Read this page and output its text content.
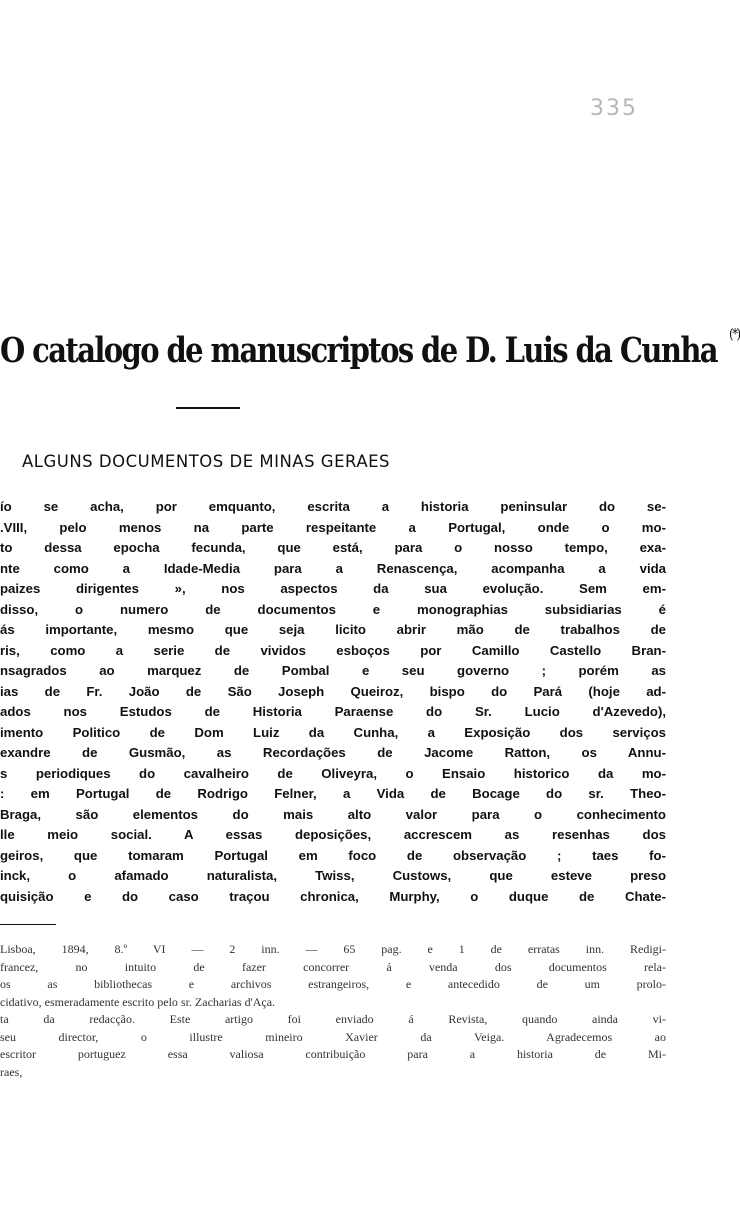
335
O catalogo de manuscriptos de D. Luis da Cunha (*)
ALGUNS DOCUMENTOS DE MINAS GERAES
ío se acha, por emquanto, escrita a historia peninsular do se-
.VIII, pelo menos na parte respeitante a Portugal, onde o mo-
to dessa epocha fecunda, que está, para o nosso tempo, exa-
nte como a Idade-Media para a Renascença, acompanha a vida
paizes dirigentes », nos aspectos da sua evolução. Sem em-
disso, o numero de documentos e monographias subsidiarias é
ás importante, mesmo que seja licito abrir mão de trabalhos de
ris, como a serie de vividos esboços por Camillo Castello Bran-
nsagrados ao marquez de Pombal e seu governo ; porém as
ias de Fr. João de São Joseph Queiroz, bispo do Pará (hoje ad-
ados nos Estudos de Historia Paraense do Sr. Lucio d'Azevedo),
imento Politico de Dom Luiz da Cunha, a Exposição dos serviços
exandre de Gusmão, as Recordações de Jacome Ratton, os Annu-
s periodiques do cavalheiro de Oliveyra, o Ensaio historico da mo-
: em Portugal de Rodrigo Felner, a Vida de Bocage do sr. Theo-
Braga, são elementos do mais alto valor para o conhecimento
lle meio social. A essas deposições, accrescem as resenhas dos
geiros, que tomaram Portugal em foco de observação ; taes fo-
inck, o afamado naturalista, Twiss, Custows, que esteve preso
quisição e do caso traçou chronica, Murphy, o duque de Chate-
Lisboa, 1894, 8.º VI — 2 inn. — 65 pag. e 1 de erratas inn. Redigi-
francez, no intuito de fazer concorrer á venda dos documentos rela-
os as bibliothecas e archivos estrangeiros, e antecedido de um prolo-
cidativo, esmeradamente escrito pelo sr. Zacharias d'Aça.
ta da redacção. Este artigo foi enviado á Revista, quando ainda vi-
seu director, o illustre mineiro Xavier da Veiga. Agradecemos ao
escritor portuguez essa valiosa contribuição para a historia de Mi-
raes,
